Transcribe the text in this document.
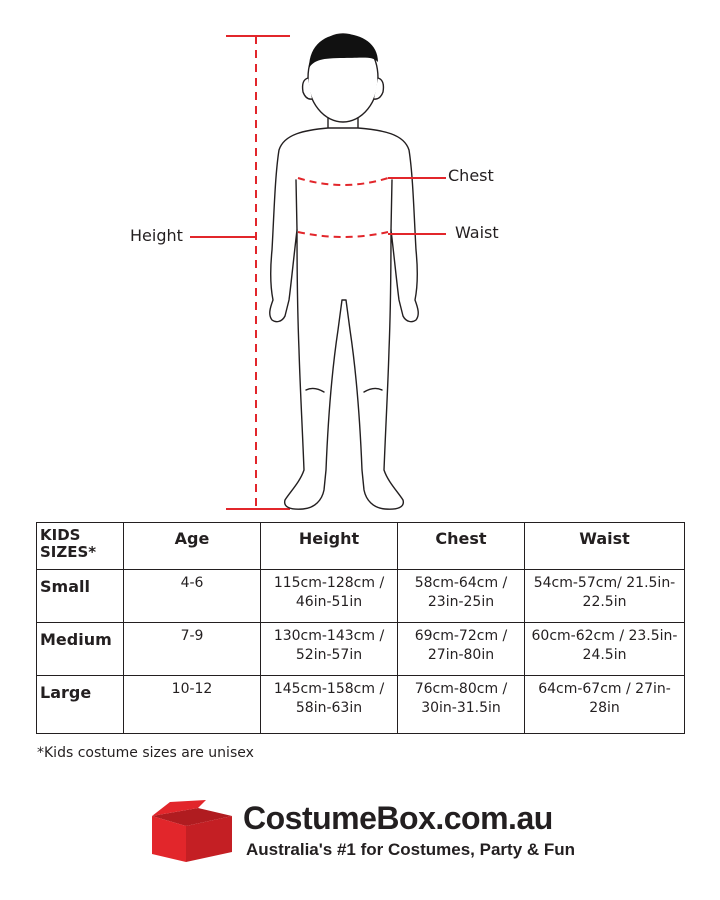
Height
Chest
Waist
KIDS SIZES*	Age	Height	Chest	Waist
Small	4-6	115cm-128cm / 46in-51in	58cm-64cm / 23in-25in	54cm-57cm/ 21.5in-22.5in
Medium	7-9	130cm-143cm / 52in-57in	69cm-72cm / 27in-80in	60cm-62cm / 23.5in-24.5in
Large	10-12	145cm-158cm / 58in-63in	76cm-80cm / 30in-31.5in	64cm-67cm / 27in-28in
*Kids costume sizes are unisex
CostumeBox.com.au
Australia's #1 for Costumes, Party & Fun
